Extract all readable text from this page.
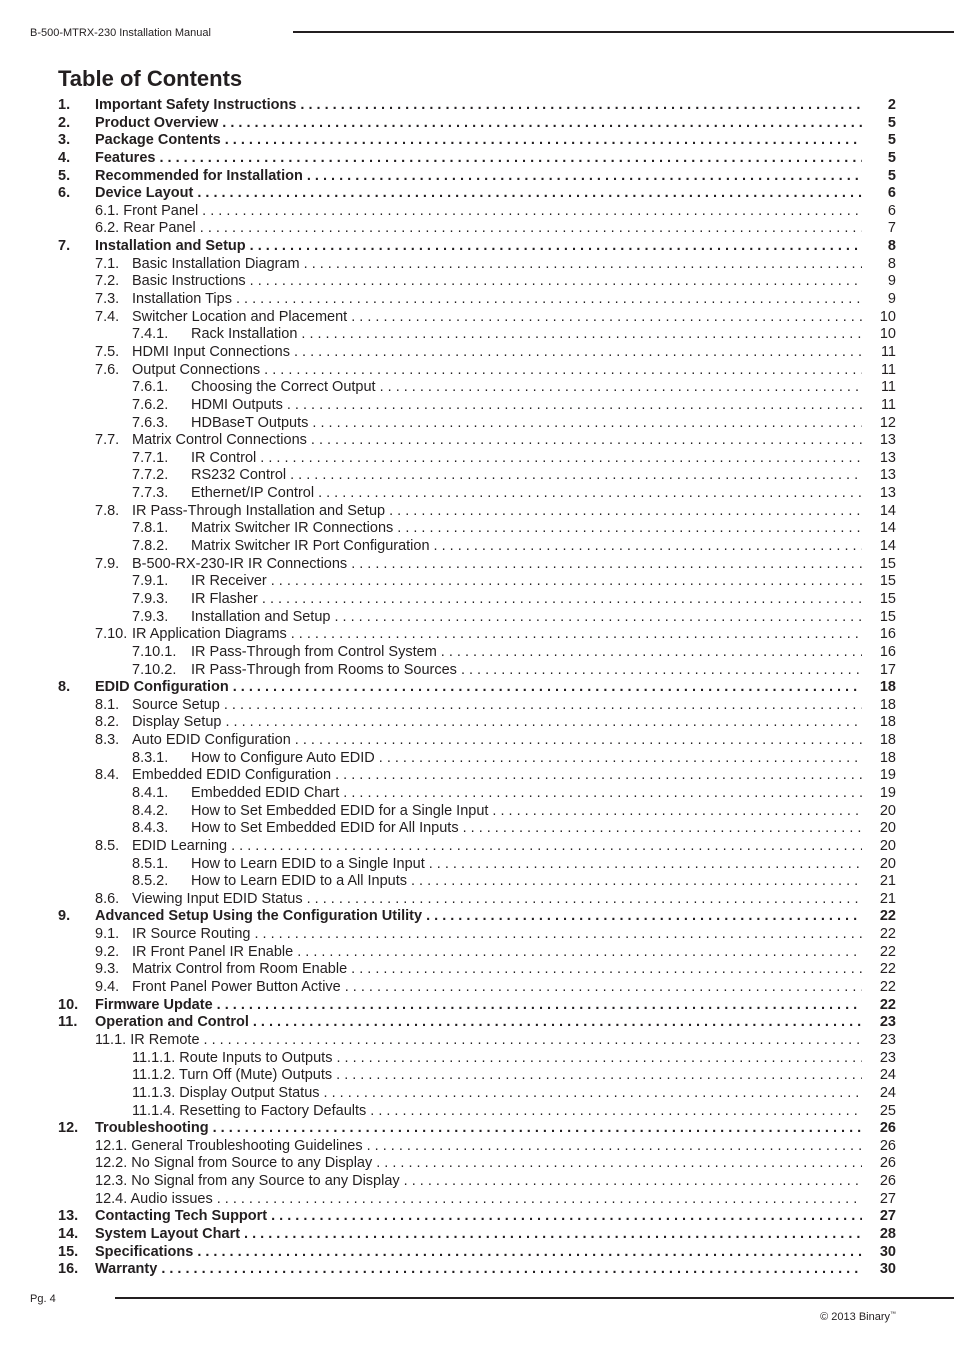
B-500-MTRX-230 Installation Manual
Table of Contents
1. Important Safety Instructions . . .	2
2. Product Overview . . .	5
3. Package Contents . . .	5
4. Features . . .	5
5. Recommended for Installation . . .	5
6. Device Layout . . .	6
6.1. Front Panel . . .	6
6.2. Rear Panel . . .	7
7. Installation and Setup . . .	8
7.1. Basic Installation Diagram . . .	8
7.2. Basic Instructions . . .	9
7.3. Installation Tips . . .	9
7.4. Switcher Location and Placement . . .	10
7.4.1. Rack Installation . . .	10
7.5. HDMI Input Connections . . .	11
7.6. Output Connections . . .	11
7.6.1. Choosing the Correct Output . . .	11
7.6.2. HDMI Outputs . . .	11
7.6.3. HDBaseT Outputs . . .	12
7.7. Matrix Control Connections . . .	13
7.7.1. IR Control . . .	13
7.7.2. RS232 Control . . .	13
7.7.3. Ethernet/IP Control . . .	13
7.8. IR Pass-Through Installation and Setup . . .	14
7.8.1. Matrix Switcher IR Connections . . .	14
7.8.2. Matrix Switcher IR Port Configuration . . .	14
7.9. B-500-RX-230-IR IR Connections . . .	15
7.9.1. IR Receiver . . .	15
7.9.3. IR Flasher . . .	15
7.9.3. Installation and Setup . . .	15
7.10. IR Application Diagrams . . .	16
7.10.1. IR Pass-Through from Control System . . .	16
7.10.2. IR Pass-Through from Rooms to Sources . . .	17
8. EDID Configuration . . .	18
8.1. Source Setup . . .	18
8.2. Display Setup . . .	18
8.3. Auto EDID Configuration . . .	18
8.3.1. How to Configure Auto EDID . . .	18
8.4. Embedded EDID Configuration . . .	19
8.4.1. Embedded EDID Chart . . .	19
8.4.2. How to Set Embedded EDID for a Single Input . . .	20
8.4.3. How to Set Embedded EDID for All Inputs . . .	20
8.5. EDID Learning . . .	20
8.5.1. How to Learn EDID to a Single Input . . .	20
8.5.2. How to Learn EDID to a All Inputs . . .	21
8.6. Viewing Input EDID Status . . .	21
9. Advanced Setup Using the Configuration Utility . . .	22
9.1. IR Source Routing . . .	22
9.2. IR Front Panel IR Enable . . .	22
9.3. Matrix Control from Room Enable . . .	22
9.4. Front Panel Power Button Active . . .	22
10. Firmware Update . . .	22
11. Operation and Control . . .	23
11.1. IR Remote . . .	23
11.1.1. Route Inputs to Outputs . . .	23
11.1.2. Turn Off (Mute) Outputs . . .	24
11.1.3. Display Output Status . . .	24
11.1.4. Resetting to Factory Defaults . . .	25
12. Troubleshooting . . .	26
12.1. General Troubleshooting Guidelines . . .	26
12.2. No Signal from Source to any Display . . .	26
12.3. No Signal from any Source to any Display . . .	26
12.4. Audio issues . . .	27
13. Contacting Tech Support . . .	27
14. System Layout Chart . . .	28
15. Specifications . . .	30
16. Warranty . . .	30
Pg. 4
© 2013 Binary™
